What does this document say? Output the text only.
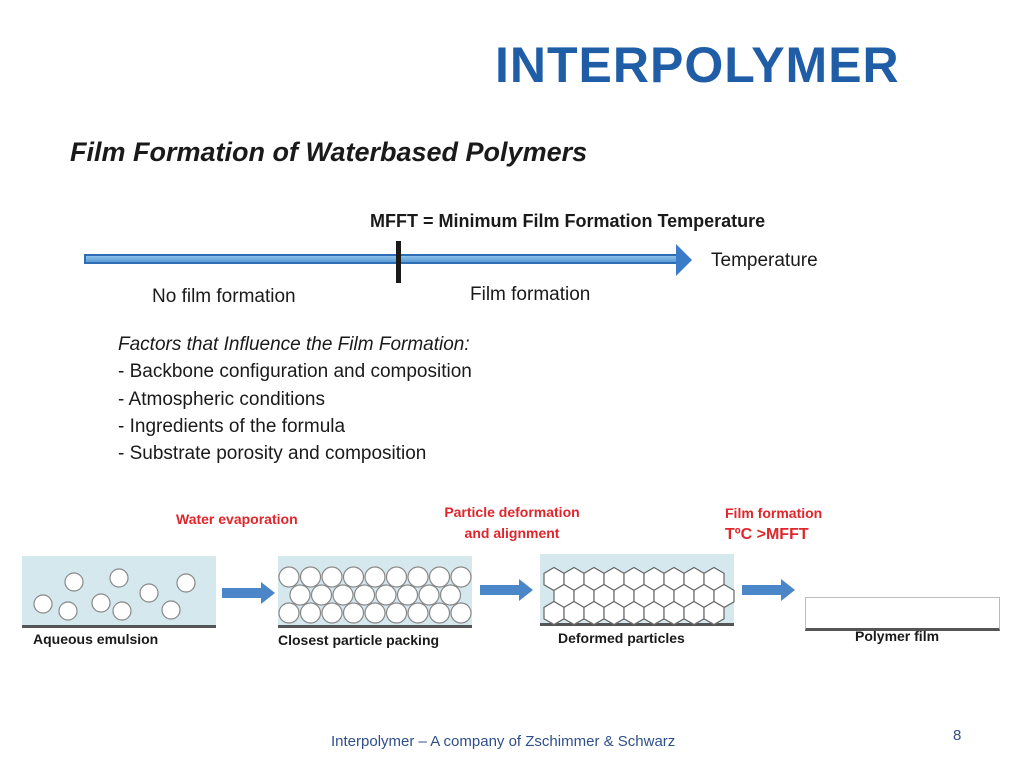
INTERPOLYMER
Film Formation of Waterbased Polymers
MFFT = Minimum Film Formation Temperature
Temperature
No film formation	Film formation
Factors that Influence the Film Formation:
- Backbone configuration and composition
- Atmospheric conditions
- Ingredients of the formula
- Substrate porosity and composition
Water evaporation	Particle deformation
and alignment
Film formation
TºC >MFFT
Aqueous emulsion	Closest particle packing	Deformed particles	Polymer film
Interpolymer – A company of Zschimmer & Schwarz	8
